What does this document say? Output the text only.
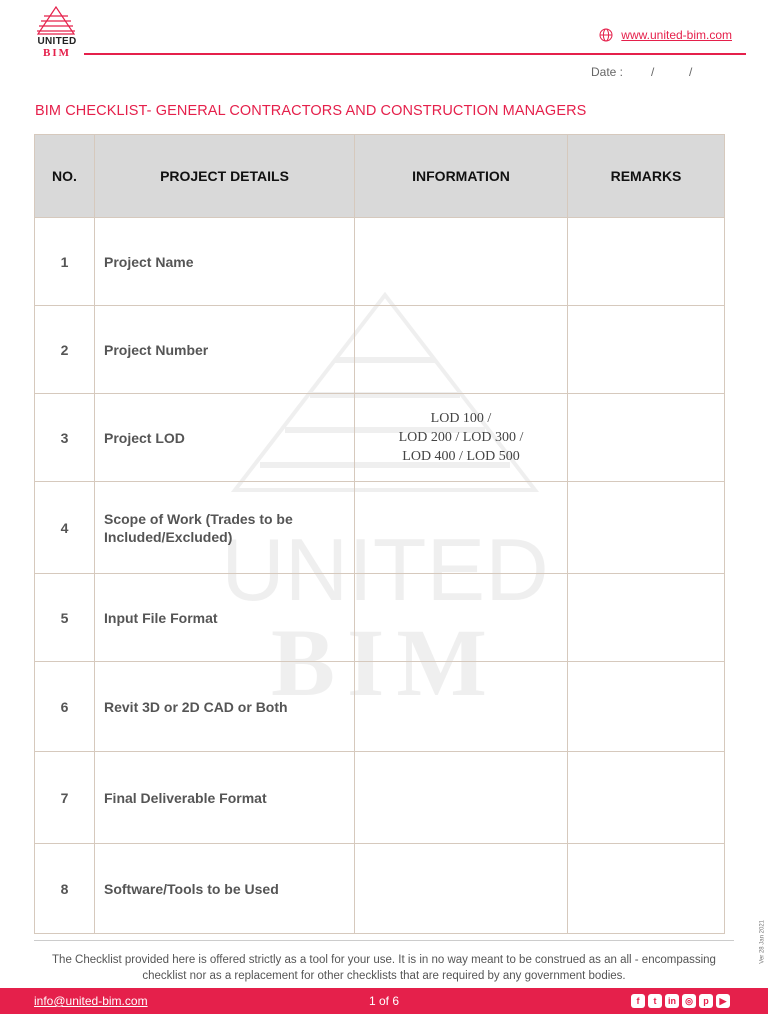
UNITED
BIM
www.united-bim.com
Date : /	/
BIM CHECKLIST- GENERAL CONTRACTORS AND CONSTRUCTION MANAGERS
UNITED
BIM
NO.	PROJECT DETAILS	INFORMATION	REMARKS
1	Project Name		
2	Project Number		
3	Project LOD	LOD 100 /
LOD 200 / LOD 300 /
LOD 400 / LOD 500	
4	Scope of Work (Trades to be Included/Excluded)		
5	Input File Format		
6	Revit 3D or 2D CAD or Both		
7	Final Deliverable Format		
8	Software/Tools to be Used		
The Checklist provided here is offered strictly as a tool for your use. It is in no way meant to be construed as an all - encompassing checklist nor as a replacement for other checklists that are required by any government bodies.
Ver 28 Jan 2021
info@united-bim.com	1 of 6	f	t	in	◎	p	▶
